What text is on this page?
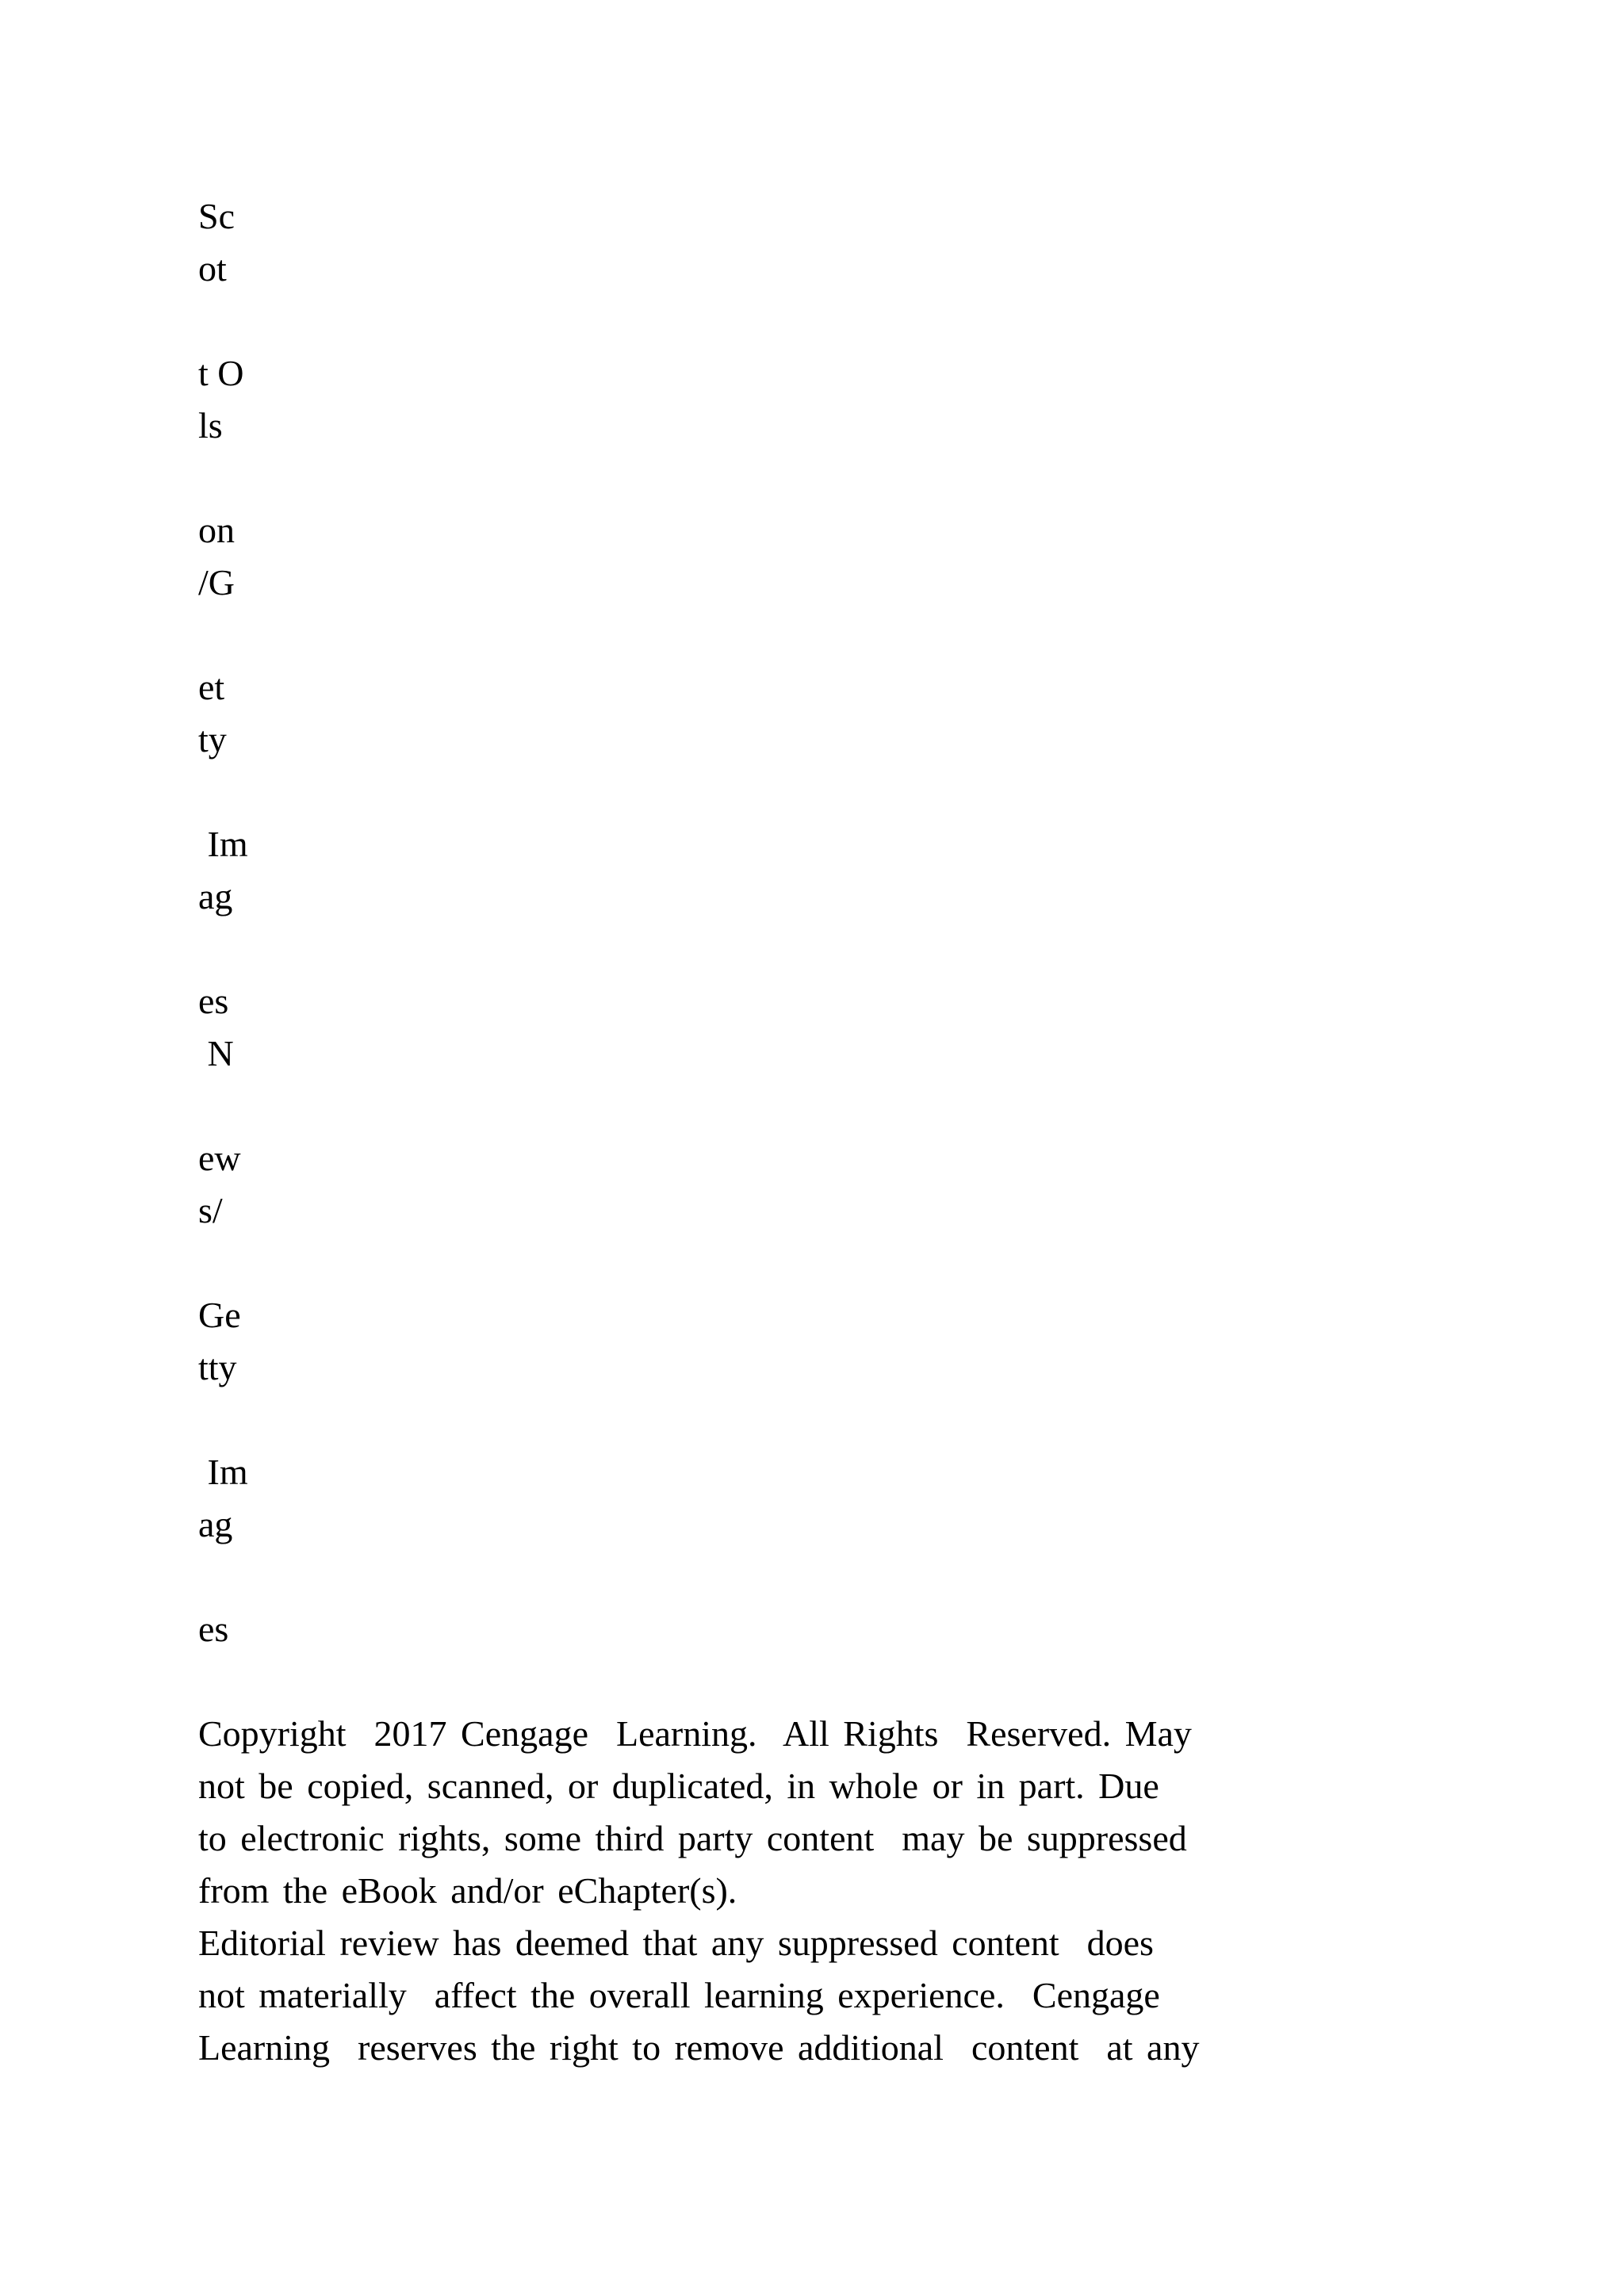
Sc
ot
t O
ls
on
/G
et
ty
Im
ag
es
N
ew
s/
Ge
tty
Im
ag
es
Copyright  2017 Cengage  Learning.  All Rights  Reserved. May
not be copied, scanned, or duplicated, in whole or in part. Due
to electronic rights, some third party content  may be suppressed
from the eBook and/or eChapter(s).
Editorial review has deemed that any suppressed content  does
not materially  affect the overall learning experience.  Cengage
Learning  reserves the right to remove additional  content  at any
